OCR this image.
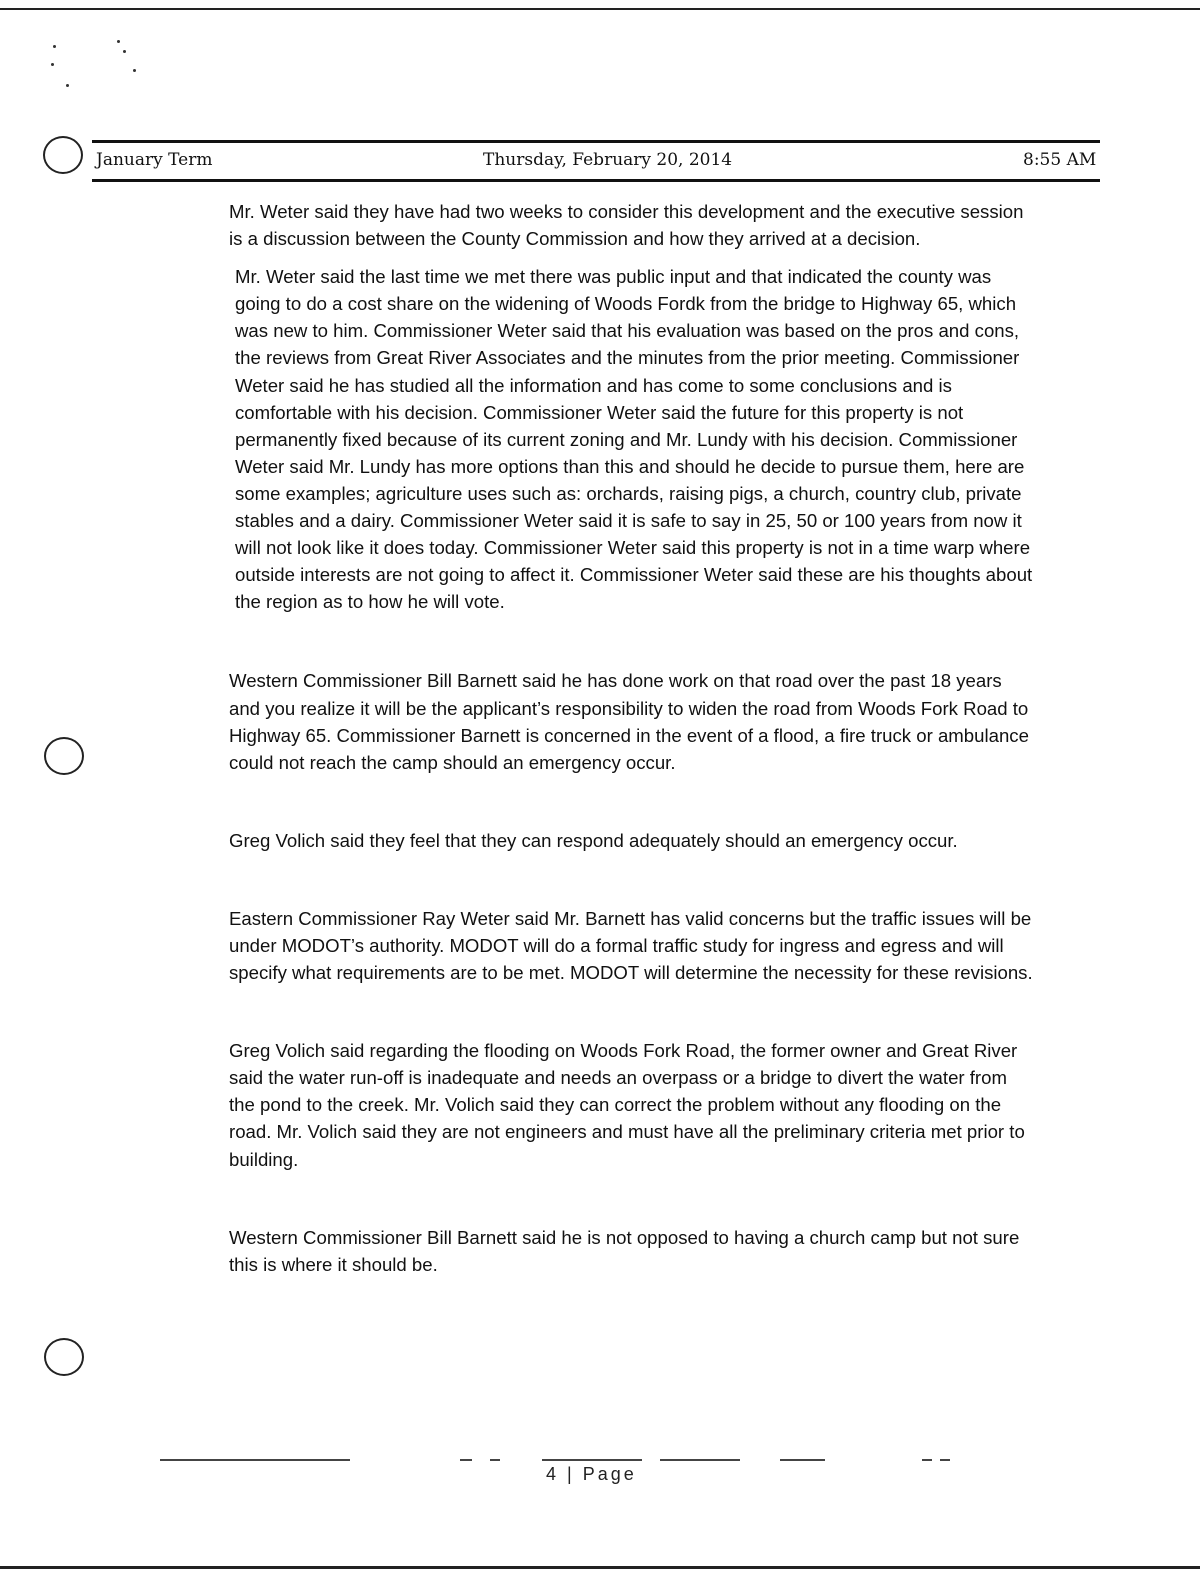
January Term	Thursday, February 20, 2014	8:55 AM

Mr. Weter said they have had two weeks to consider this development and the executive session is a discussion between the County Commission and how they arrived at a decision.

Mr. Weter said the last time we met there was public input and that indicated the county was going to do a cost share on the widening of Woods Fordk from the bridge to Highway 65, which was new to him. Commissioner Weter said that his evaluation was based on the pros and cons, the reviews from Great River Associates and the minutes from the prior meeting. Commissioner Weter said he has studied all the information and has come to some conclusions and is comfortable with his decision. Commissioner Weter said the future for this property is not permanently fixed because of its current zoning and Mr. Lundy with his decision. Commissioner Weter said Mr. Lundy has more options than this and should he decide to pursue them, here are some examples; agriculture uses such as: orchards, raising pigs, a church, country club, private stables and a dairy. Commissioner Weter said it is safe to say in 25, 50 or 100 years from now it will not look like it does today. Commissioner Weter said this property is not in a time warp where outside interests are not going to affect it. Commissioner Weter said these are his thoughts about the region as to how he will vote.

Western Commissioner Bill Barnett said he has done work on that road over the past 18 years and you realize it will be the applicant’s responsibility to widen the road from Woods Fork Road to Highway 65. Commissioner Barnett is concerned in the event of a flood, a fire truck or ambulance could not reach the camp should an emergency occur.

Greg Volich said they feel that they can respond adequately should an emergency occur.

Eastern Commissioner Ray Weter said Mr. Barnett has valid concerns but the traffic issues will be under MODOT’s authority. MODOT will do a formal traffic study for ingress and egress and will specify what requirements are to be met. MODOT will determine the necessity for these revisions.

Greg Volich said regarding the flooding on Woods Fork Road, the former owner and Great River said the water run-off is inadequate and needs an overpass or a bridge to divert the water from the pond to the creek. Mr. Volich said they can correct the problem without any flooding on the road. Mr. Volich said they are not engineers and must have all the preliminary criteria met prior to building.

Western Commissioner Bill Barnett said he is not opposed to having a church camp but not sure this is where it should be.

4 | Page
